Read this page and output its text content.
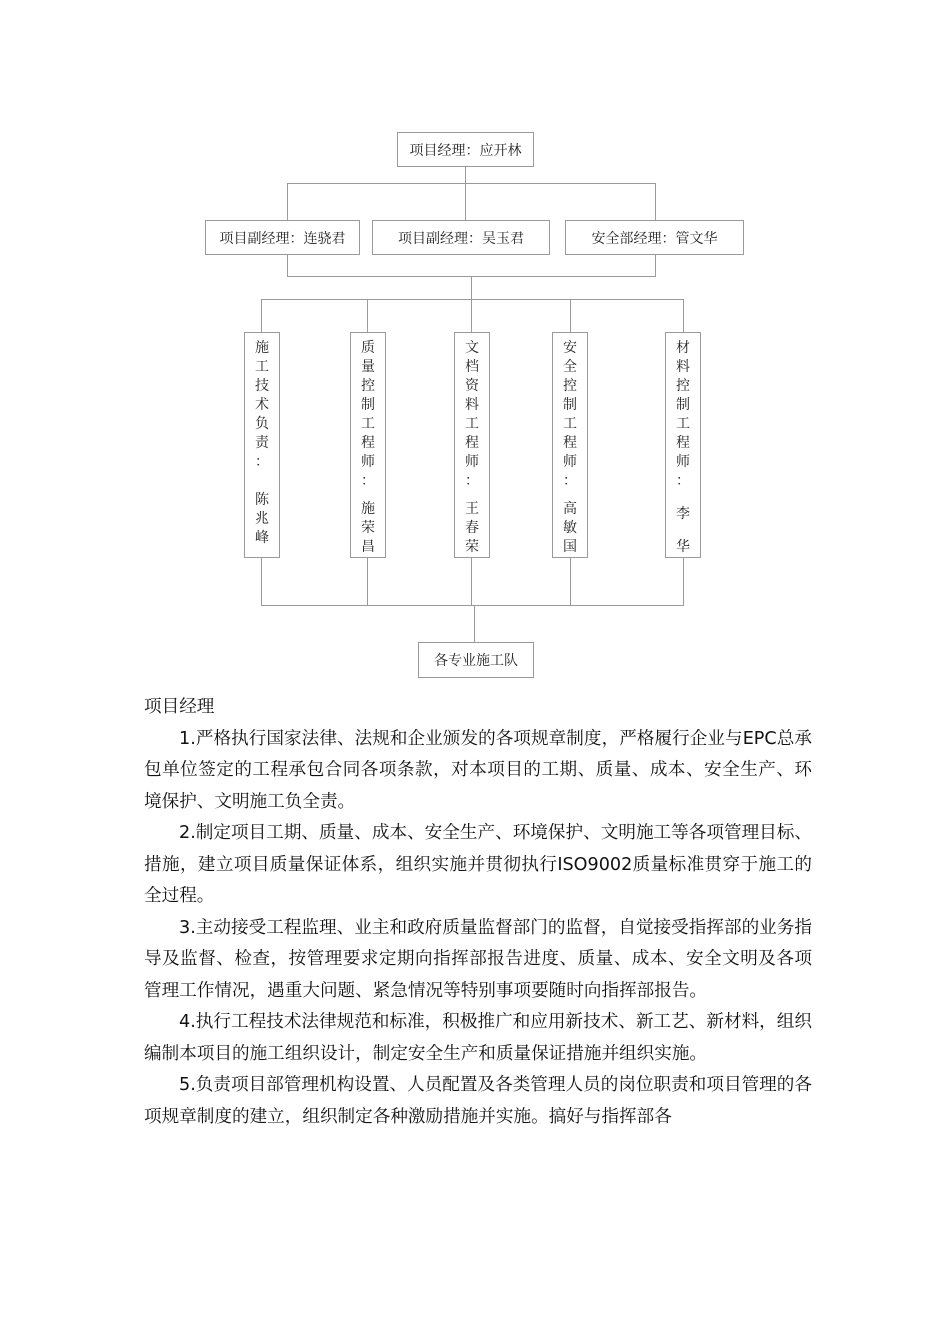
项目经理：应开林
项目副经理：连骁君	项目副经理：吴玉君	安全部经理：管文华
施
工
技
术
负
责
：
陈
兆
峰
质
量
控
制
工
程
师
：
施
荣
昌
文
档
资
料
工
程
师
：
王
春
荣
安
全
控
制
工
程
师
：
高
敏
国
材
料
控
制
工
程
师
：
李
华
各专业施工队

项目经理

1.严格执行国家法律、法规和企业颁发的各项规章制度，严格履行企业与EPC总承包单位签定的工程承包合同各项条款，对本项目的工期、质量、成本、安全生产、环境保护、文明施工负全责。

2.制定项目工期、质量、成本、安全生产、环境保护、文明施工等各项管理目标、措施，建立项目质量保证体系，组织实施并贯彻执行ISO9002质量标准贯穿于施工的全过程。

3.主动接受工程监理、业主和政府质量监督部门的监督，自觉接受指挥部的业务指导及监督、检查，按管理要求定期向指挥部报告进度、质量、成本、安全文明及各项管理工作情况，遇重大问题、紧急情况等特别事项要随时向指挥部报告。

4.执行工程技术法律规范和标准，积极推广和应用新技术、新工艺、新材料，组织编制本项目的施工组织设计，制定安全生产和质量保证措施并组织实施。

5.负责项目部管理机构设置、人员配置及各类管理人员的岗位职责和项目管理的各项规章制度的建立，组织制定各种激励措施并实施。搞好与指挥部各
